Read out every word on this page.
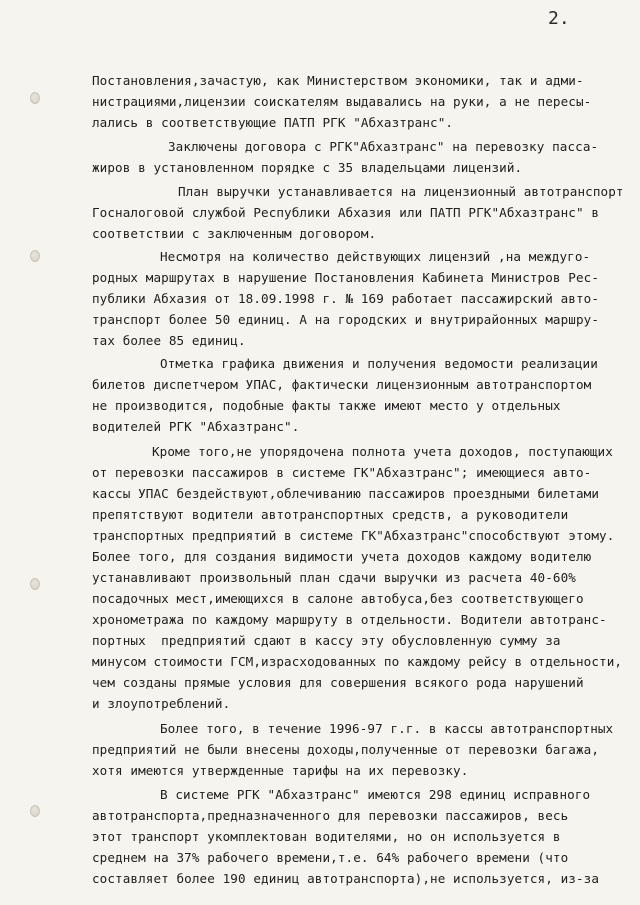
2.
Постановления,зачастую, как Министерством экономики, так и адми-
нистрациями,лицензии соискателям выдавались на руки, а не пересы-
лались в соответствующие ПАТП РГК "Абхазтранс".
Заключены договора с РГК"Абхазтранс" на перевозку пасса-
жиров в установленном порядке с 35 владельцами лицензий.
План выручки устанавливается на лицензионный автотранспорт
Госналоговой службой Республики Абхазия или ПАТП РГК"Абхазтранс" в
соответствии с заключенным договором.
Несмотря на количество действующих лицензий ,на междуго-
родных маршрутах в нарушение Постановления Кабинета Министров Рес-
публики Абхазия от 18.09.1998 г. № 169 работает пассажирский авто-
транспорт более 50 единиц. А на городских и внутрирайонных маршру-
тах более 85 единиц.
Отметка графика движения и получения ведомости реализации
билетов диспетчером УПАС, фактически лицензионным автотранспортом
не производится, подобные факты также имеют место у отдельных
водителей РГК "Абхазтранс".
Кроме того,не упорядочена полнота учета доходов, поступающих
от перевозки пассажиров в системе ГК"Абхазтранс"; имеющиеся авто-
кассы УПАС бездействуют,облечиванию пассажиров проездными билетами
препятствуют водители автотранспортных средств, а руководители
транспортных предприятий в системе ГК"Абхазтранс"способствуют этому.
Более того, для создания видимости учета доходов каждому водителю
устанавливают произвольный план сдачи выручки из расчета 40-60%
посадочных мест,имеющихся в салоне автобуса,без соответствующего
хронометража по каждому маршруту в отдельности. Водители автотранс-
портных  предприятий сдают в кассу эту обусловленную сумму за
минусом стоимости ГСМ,израсходованных по каждому рейсу в отдельности,
чем созданы прямые условия для совершения всякого рода нарушений
и злоупотреблений.
Более того, в течение 1996-97 г.г. в кассы автотранспортных
предприятий не были внесены доходы,полученные от перевозки багажа,
хотя имеются утвержденные тарифы на их перевозку.
В системе РГК "Абхазтранс" имеются 298 единиц исправного
автотранспорта,предназначенного для перевозки пассажиров, весь
этот транспорт укомплектован водителями, но он используется в
среднем на 37% рабочего времени,т.е. 64% рабочего времени (что
составляет более 190 единиц автотранспорта),не используется, из-за
